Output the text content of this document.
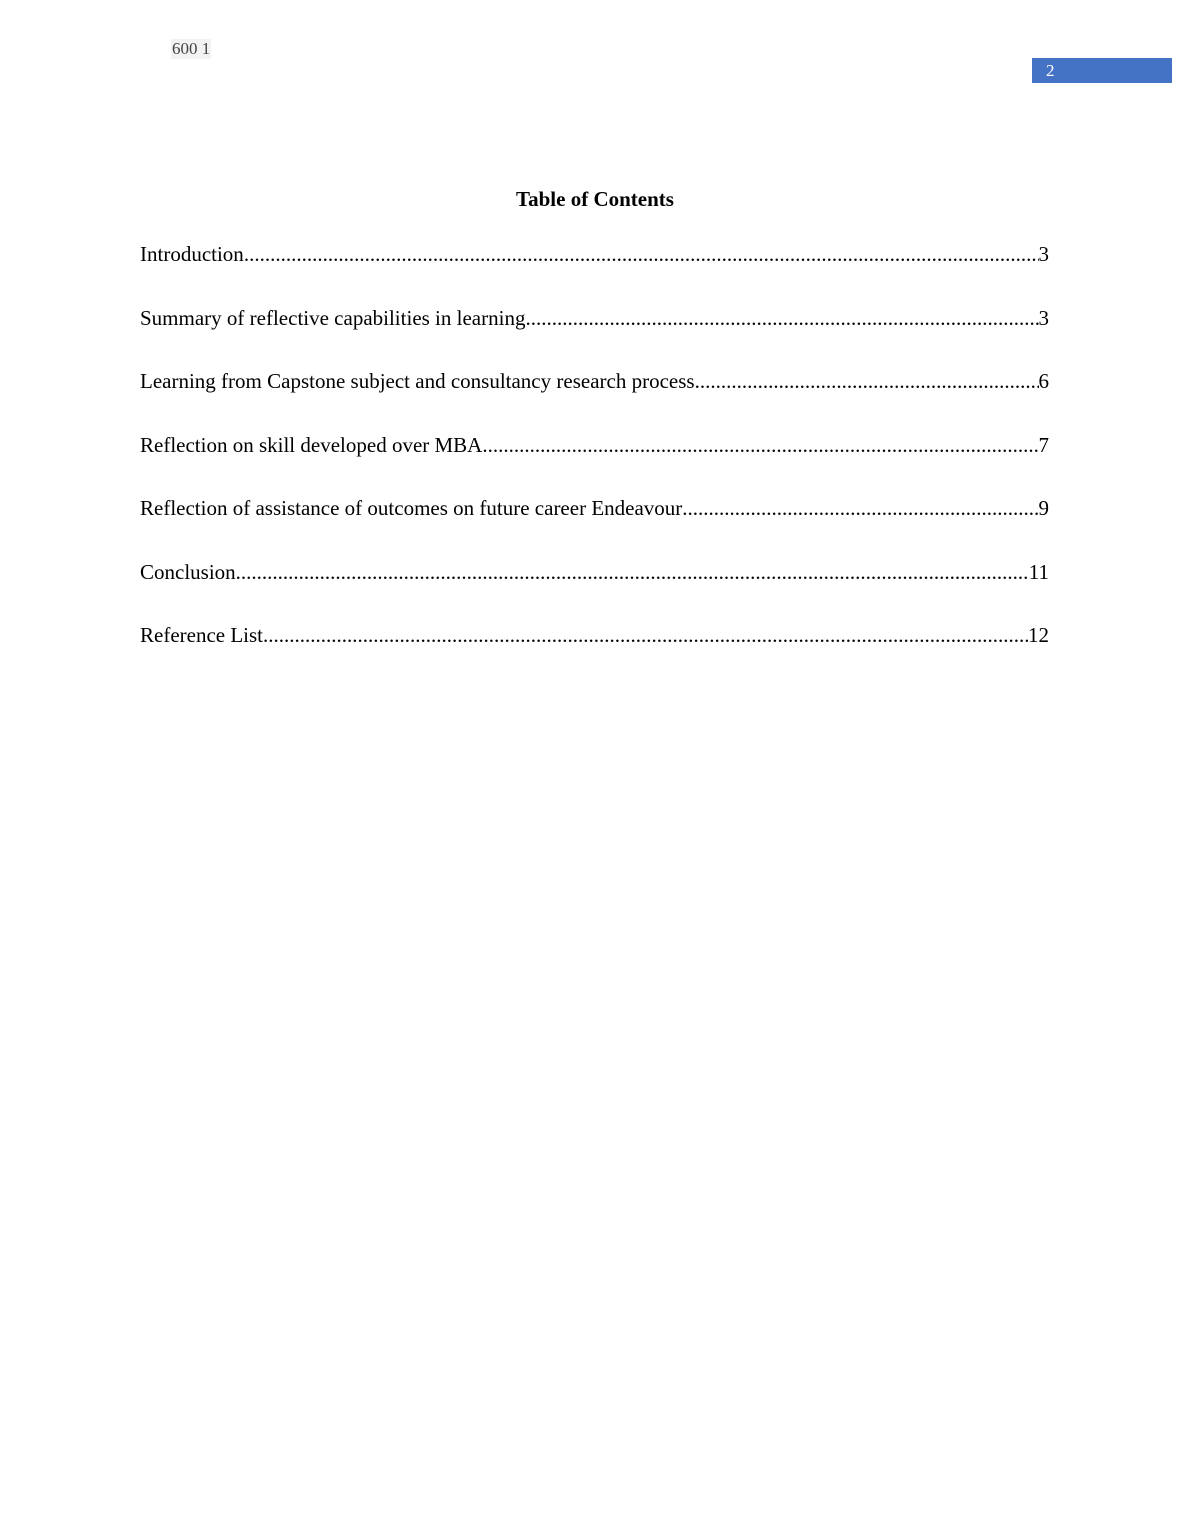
600 1
2
Table of Contents
Introduction .....	3
Summary of reflective capabilities in learning .....	3
Learning from Capstone subject and consultancy research process .....	6
Reflection on skill developed over MBA .....	7
Reflection of assistance of outcomes on future career Endeavour .....	9
Conclusion .....	11
Reference List .....	12
